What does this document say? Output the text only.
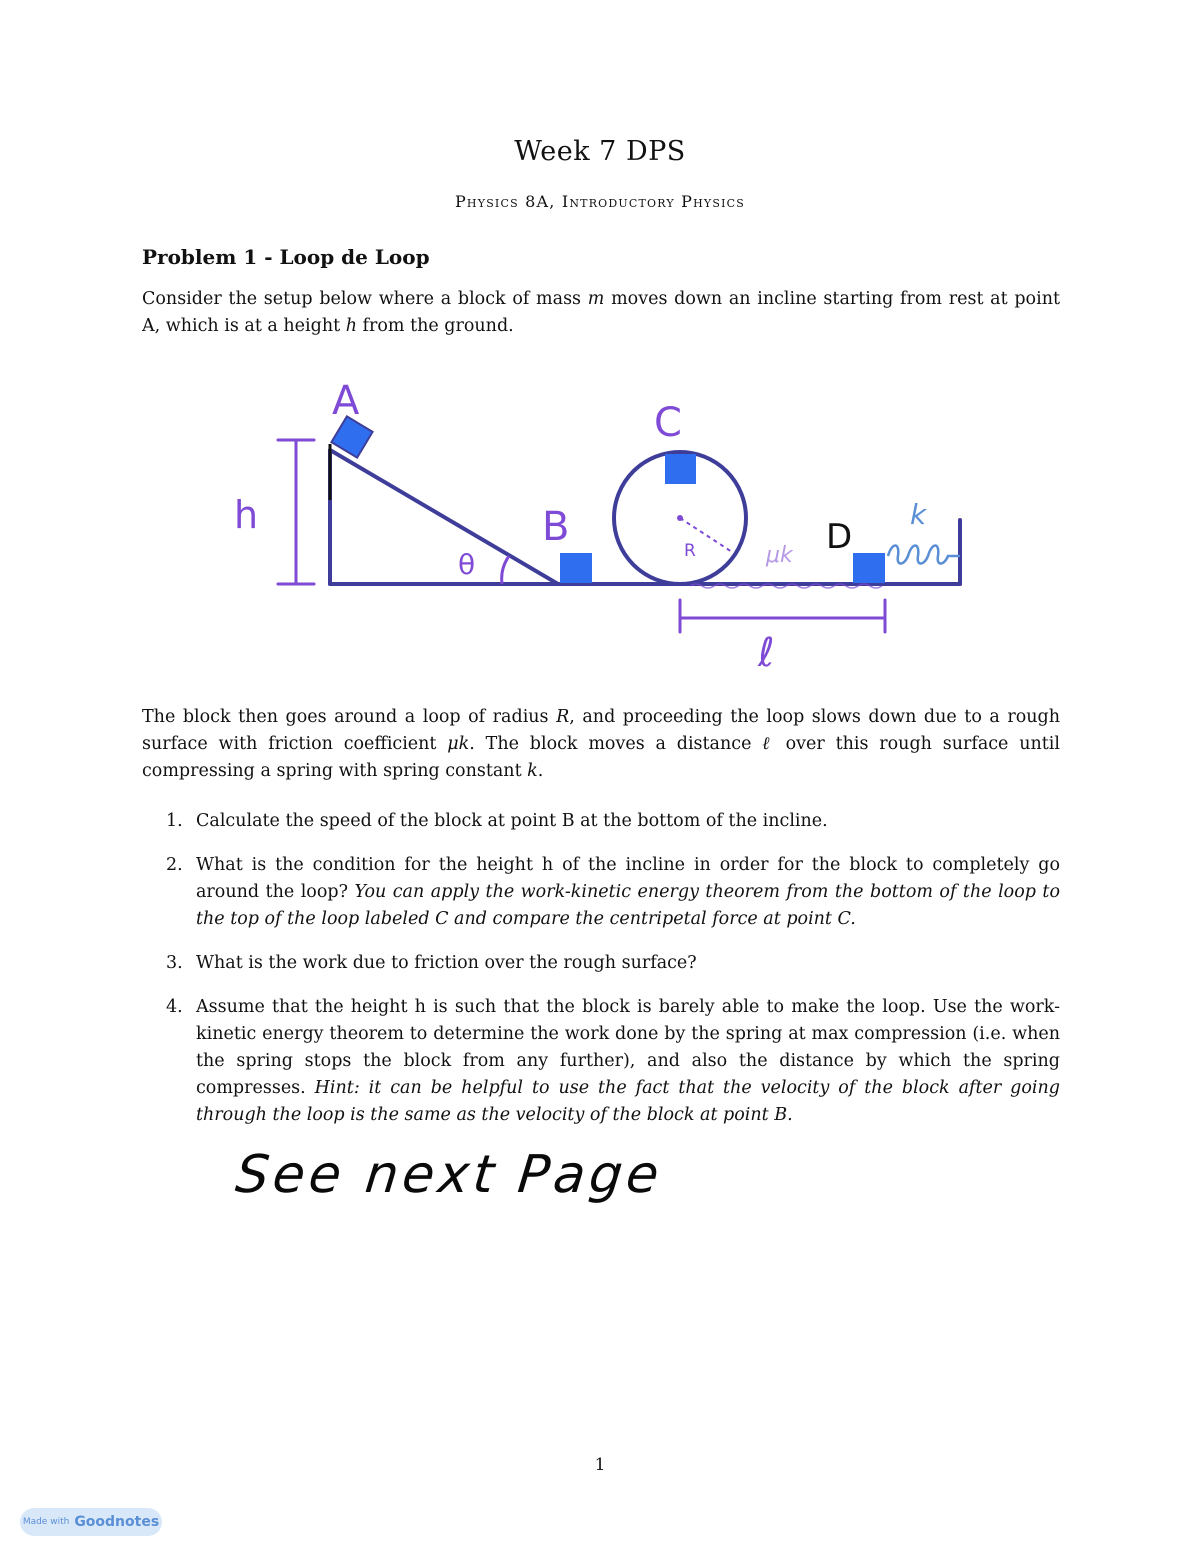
Week 7 DPS
Physics 8A, Introductory Physics
Problem 1 - Loop de Loop
Consider the setup below where a block of mass m moves down an incline starting from rest at point A, which is at a height h from the ground.
h
θ	R	μk
k
A
B
C
D
ℓ
The block then goes around a loop of radius R, and proceeding the loop slows down due to a rough surface with friction coefficient μk. The block moves a distance ℓ over this rough surface until compressing a spring with spring constant k.
1. Calculate the speed of the block at point B at the bottom of the incline.
2. What is the condition for the height h of the incline in order for the block to completely go around the loop? You can apply the work-kinetic energy theorem from the bottom of the loop to the top of the loop labeled C and compare the centripetal force at point C.
3. What is the work due to friction over the rough surface?
4. Assume that the height h is such that the block is barely able to make the loop. Use the work-kinetic energy theorem to determine the work done by the spring at max compression (i.e. when the spring stops the block from any further), and also the distance by which the spring compresses. Hint: it can be helpful to use the fact that the velocity of the block after going through the loop is the same as the velocity of the block at point B.
See next Page
1
Made with Goodnotes
